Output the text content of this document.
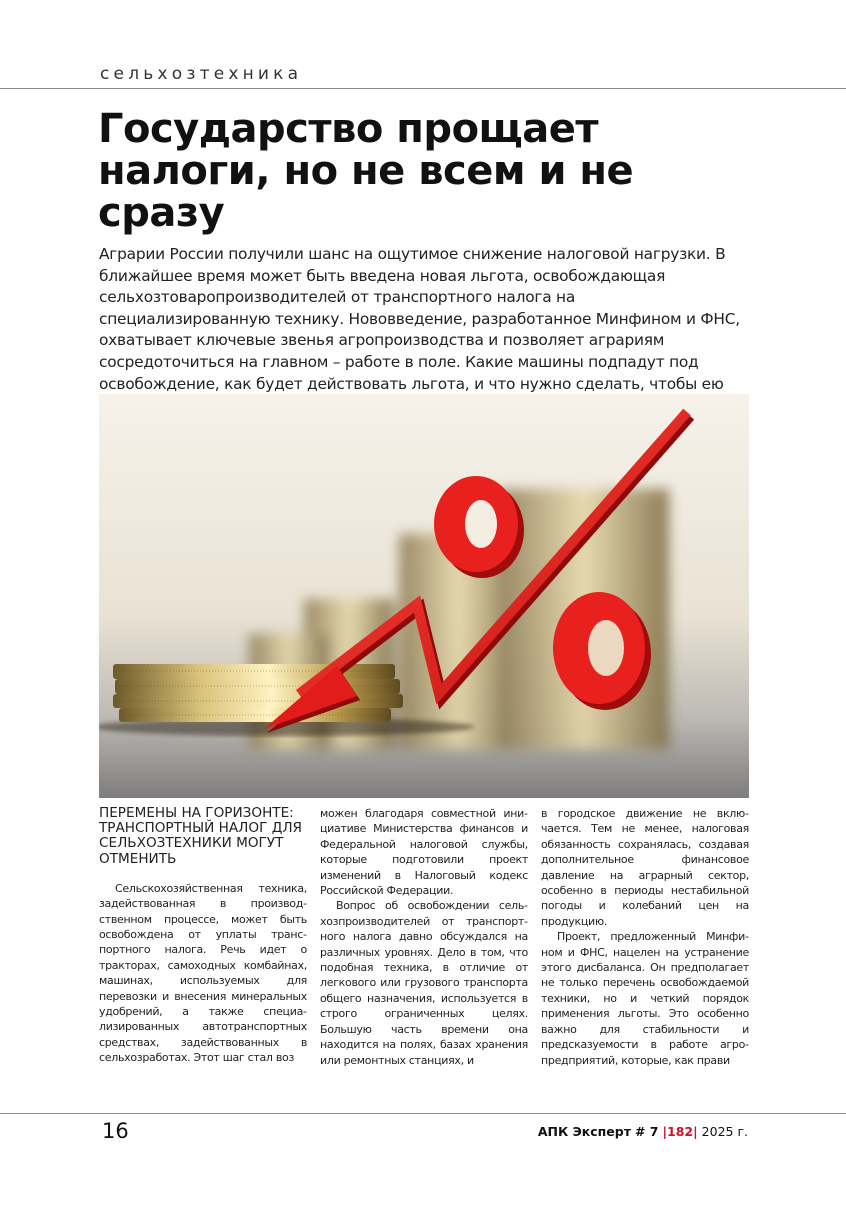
сельхозтехника
Государство прощает налоги, но не всем и не сразу

Аграрии России получили шанс на ощутимое снижение налоговой нагрузки. В ближайшее время может быть введена новая льгота, освобождающая сельхозтоваропроизводителей от транспортного налога на специализированную технику. Нововведение, разработанное Минфином и ФНС, охватывает ключевые звенья агропроизводства и позволяет аграриям сосредоточиться на главном – работе в поле. Какие машины подпадут под освобождение, как будет действовать льгота, и что нужно сделать, чтобы ею

ПЕРЕМЕНЫ НА ГОРИЗОНТЕ: ТРАНСПОРТНЫЙ НАЛОГ ДЛЯ СЕЛЬХОЗТЕХНИКИ МОГУТ ОТМЕНИТЬ

Сельскохозяйственная техника, задействованная в производственном процессе, может быть освобождена от уплаты транспортного налога. Речь идет о тракторах, самоходных комбайнах, машинах, используемых для перевозки и внесения минеральных удобрений, а также специализированных автотранспортных средствах, задействованных в сельхозработах. Этот шаг стал воз

можен благодаря совместной инициативе Министерства финансов и Федеральной налоговой службы, которые подготовили проект изменений в Налоговый кодекс Российской Федерации.

Вопрос об освобождении сельхозпроизводителей от транспортного налога давно обсуждался на различных уровнях. Дело в том, что подобная техника, в отличие от легкового или грузового транспорта общего назначения, используется в строго ограниченных целях. Большую часть времени она находится на полях, базах хранения или ремонтных станциях, и

в городское движение не включается. Тем не менее, налоговая обязанность сохранялась, создавая дополнительное финансовое давление на аграрный сектор, особенно в периоды нестабильной погоды и колебаний цен на продукцию.

Проект, предложенный Минфином и ФНС, нацелен на устранение этого дисбаланса. Он предполагает не только перечень освобождаемой техники, но и четкий порядок применения льготы. Это особенно важно для стабильности и предсказуемости в работе агропредприятий, которые, как прави

16	АПК Эксперт # 7 |182| 2025 г.
